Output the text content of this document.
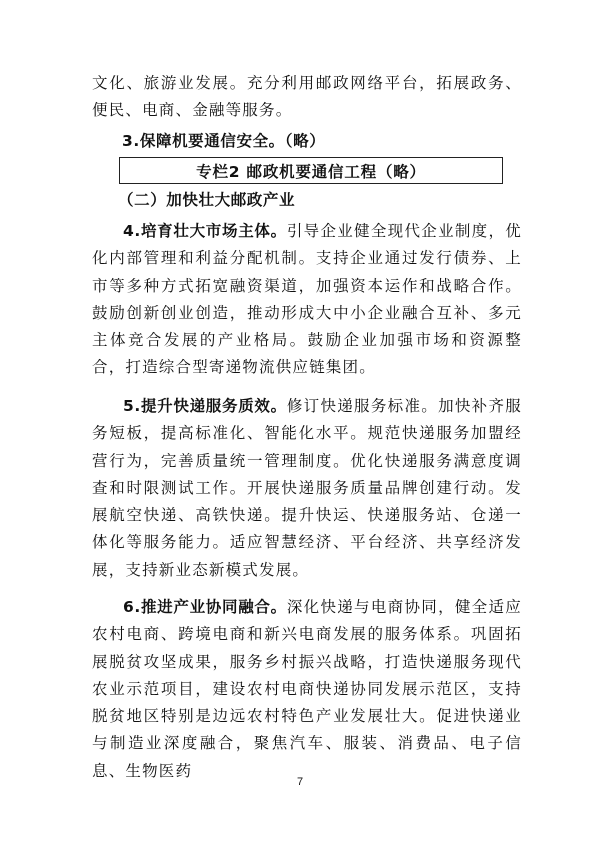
文化、旅游业发展。充分利用邮政网络平台，拓展政务、便民、电商、金融等服务。

3.保障机要通信安全。（略）

专栏2 邮政机要通信工程（略）

（二）加快壮大邮政产业

4.培育壮大市场主体。引导企业健全现代企业制度，优化内部管理和利益分配机制。支持企业通过发行债券、上市等多种方式拓宽融资渠道，加强资本运作和战略合作。鼓励创新创业创造，推动形成大中小企业融合互补、多元主体竞合发展的产业格局。鼓励企业加强市场和资源整合，打造综合型寄递物流供应链集团。

5.提升快递服务质效。修订快递服务标准。加快补齐服务短板，提高标准化、智能化水平。规范快递服务加盟经营行为，完善质量统一管理制度。优化快递服务满意度调查和时限测试工作。开展快递服务质量品牌创建行动。发展航空快递、高铁快递。提升快运、快递服务站、仓递一体化等服务能力。适应智慧经济、平台经济、共享经济发展，支持新业态新模式发展。

6.推进产业协同融合。深化快递与电商协同，健全适应农村电商、跨境电商和新兴电商发展的服务体系。巩固拓展脱贫攻坚成果，服务乡村振兴战略，打造快递服务现代农业示范项目，建设农村电商快递协同发展示范区，支持脱贫地区特别是边远农村特色产业发展壮大。促进快递业与制造业深度融合，聚焦汽车、服装、消费品、电子信息、生物医药

7
